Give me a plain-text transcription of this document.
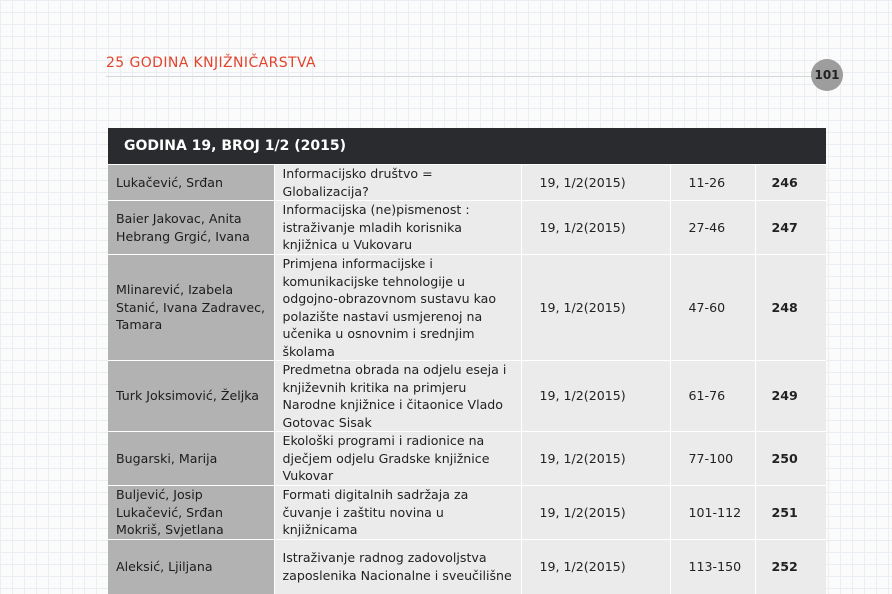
25 GODINA KNJIŽNIČARSTVA
101
GODINA 19, BROJ 1/2 (2015)
Lukačević, Srđan	Informacijsko društvo = Globalizacija?	19, 1/2(2015)	11-26	246
Baier Jakovac, Anita Hebrang Grgić, Ivana	Informacijska (ne)pismenost : istraživanje mladih korisnika knjižnica u Vukovaru	19, 1/2(2015)	27-46	247
Mlinarević, Izabela Stanić, Ivana Zadravec, Tamara	Primjena informacijske i komunikacijske tehnologije u odgojno-obrazovnom sustavu kao polazište nastavi usmjerenoj na učenika u osnovnim i srednjim školama	19, 1/2(2015)	47-60	248
Turk Joksimović, Željka	Predmetna obrada na odjelu eseja i književnih kritika na primjeru Narodne knjižnice i čitaonice Vlado Gotovac Sisak	19, 1/2(2015)	61-76	249
Bugarski, Marija	Ekološki programi i radionice na dječjem odjelu Gradske knjižnice Vukovar	19, 1/2(2015)	77-100	250
Buljević, Josip Lukačević, Srđan Mokriš, Svjetlana	Formati digitalnih sadržaja za čuvanje i zaštitu novina u knjižnicama	19, 1/2(2015)	101-112	251
Aleksić, Ljiljana	Istraživanje radnog zadovoljstva zaposlenika Nacionalne i sveučilišne	19, 1/2(2015)	113-150	252
